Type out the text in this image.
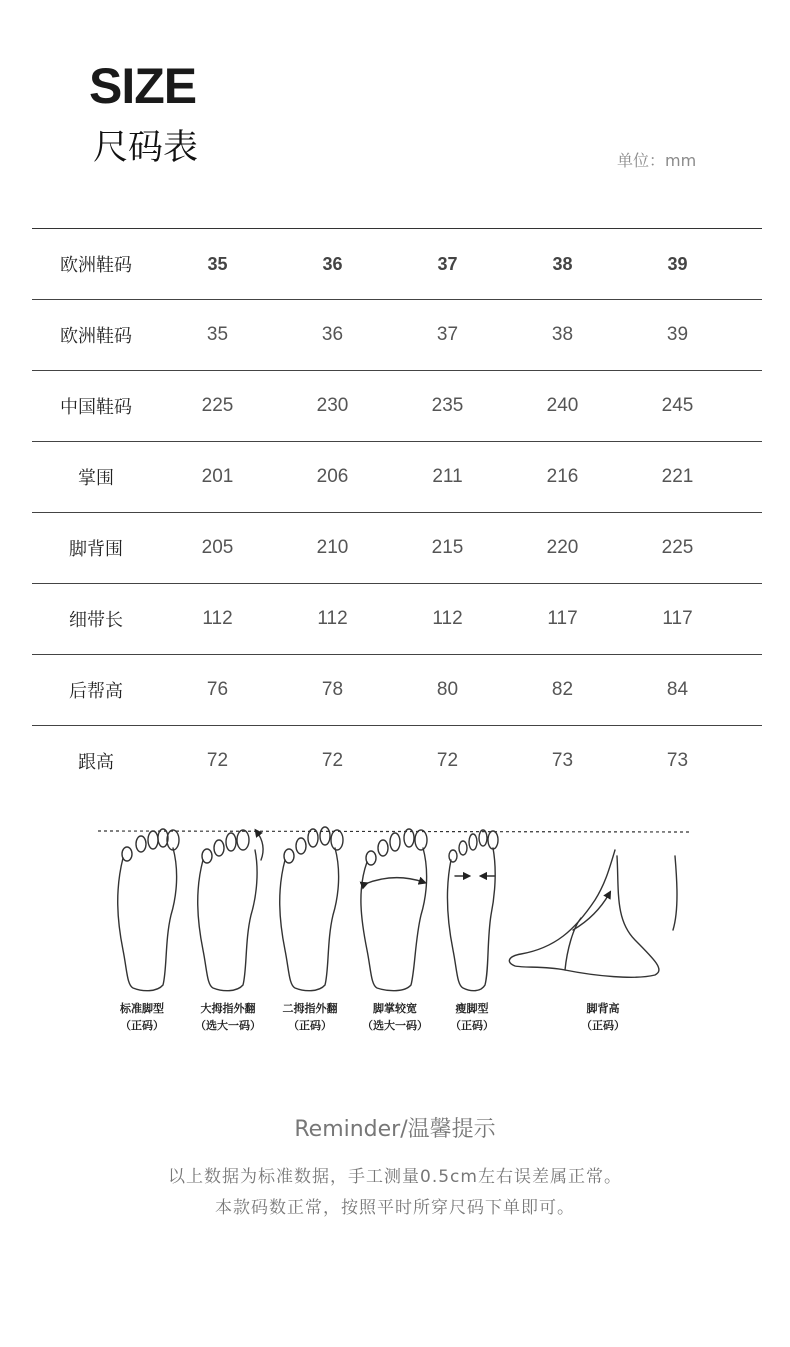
SIZE
尺码表	单位：mm
欧洲鞋码	35	36	37	38	39
欧洲鞋码	35	36	37	38	39
中国鞋码	225	230	235	240	245
掌围	201	206	211	216	221
脚背围	205	210	215	220	225
细带长	112	112	112	117	117
后帮高	76	78	80	82	84
跟高	72	72	72	73	73
标准脚型
（正码）
大拇指外翻
（选大一码）
二拇指外翻
（正码）
脚掌较宽
（选大一码）
瘦脚型
（正码）
脚背高
（正码）
Reminder/温馨提示
以上数据为标准数据，手工测量0.5cm左右误差属正常。
本款码数正常，按照平时所穿尺码下单即可。
